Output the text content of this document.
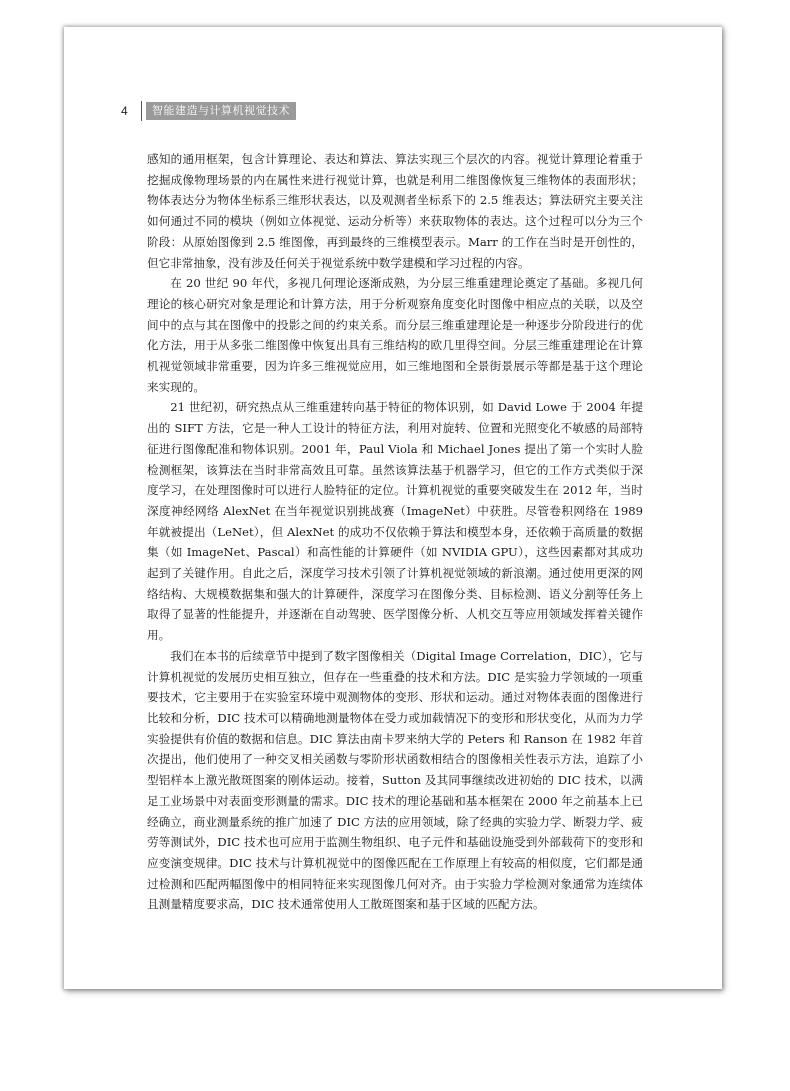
4	智能建造与计算机视觉技术

感知的通用框架，包含计算理论、表达和算法、算法实现三个层次的内容。视觉计算理论着重于挖掘成像物理场景的内在属性来进行视觉计算，也就是利用二维图像恢复三维物体的表面形状；物体表达分为物体坐标系三维形状表达，以及观测者坐标系下的 2.5 维表达；算法研究主要关注如何通过不同的模块（例如立体视觉、运动分析等）来获取物体的表达。这个过程可以分为三个阶段：从原始图像到 2.5 维图像，再到最终的三维模型表示。Marr 的工作在当时是开创性的，但它非常抽象，没有涉及任何关于视觉系统中数学建模和学习过程的内容。

在 20 世纪 90 年代，多视几何理论逐渐成熟，为分层三维重建理论奠定了基础。多视几何理论的核心研究对象是理论和计算方法，用于分析观察角度变化时图像中相应点的关联，以及空间中的点与其在图像中的投影之间的约束关系。而分层三维重建理论是一种逐步分阶段进行的优化方法，用于从多张二维图像中恢复出具有三维结构的欧几里得空间。分层三维重建理论在计算机视觉领域非常重要，因为许多三维视觉应用，如三维地图和全景街景展示等都是基于这个理论来实现的。

21 世纪初，研究热点从三维重建转向基于特征的物体识别，如 David Lowe 于 2004 年提出的 SIFT 方法，它是一种人工设计的特征方法，利用对旋转、位置和光照变化不敏感的局部特征进行图像配准和物体识别。2001 年，Paul Viola 和 Michael Jones 提出了第一个实时人脸检测框架，该算法在当时非常高效且可靠。虽然该算法基于机器学习，但它的工作方式类似于深度学习，在处理图像时可以进行人脸特征的定位。计算机视觉的重要突破发生在 2012 年，当时深度神经网络 AlexNet 在当年视觉识别挑战赛（ImageNet）中获胜。尽管卷积网络在 1989 年就被提出（LeNet），但 AlexNet 的成功不仅依赖于算法和模型本身，还依赖于高质量的数据集（如 ImageNet、Pascal）和高性能的计算硬件（如 NVIDIA GPU），这些因素都对其成功起到了关键作用。自此之后，深度学习技术引领了计算机视觉领域的新浪潮。通过使用更深的网络结构、大规模数据集和强大的计算硬件，深度学习在图像分类、目标检测、语义分割等任务上取得了显著的性能提升，并逐渐在自动驾驶、医学图像分析、人机交互等应用领域发挥着关键作用。

我们在本书的后续章节中提到了数字图像相关（Digital Image Correlation，DIC），它与计算机视觉的发展历史相互独立，但存在一些重叠的技术和方法。DIC 是实验力学领域的一项重要技术，它主要用于在实验室环境中观测物体的变形、形状和运动。通过对物体表面的图像进行比较和分析，DIC 技术可以精确地测量物体在受力或加载情况下的变形和形状变化，从而为力学实验提供有价值的数据和信息。DIC 算法由南卡罗来纳大学的 Peters 和 Ranson 在 1982 年首次提出，他们使用了一种交叉相关函数与零阶形状函数相结合的图像相关性表示方法，追踪了小型铝样本上激光散斑图案的刚体运动。接着，Sutton 及其同事继续改进初始的 DIC 技术，以满足工业场景中对表面变形测量的需求。DIC 技术的理论基础和基本框架在 2000 年之前基本上已经确立，商业测量系统的推广加速了 DIC 方法的应用领域，除了经典的实验力学、断裂力学、疲劳等测试外，DIC 技术也可应用于监测生物组织、电子元件和基础设施受到外部载荷下的变形和应变演变规律。DIC 技术与计算机视觉中的图像匹配在工作原理上有较高的相似度，它们都是通过检测和匹配两幅图像中的相同特征来实现图像几何对齐。由于实验力学检测对象通常为连续体且测量精度要求高，DIC 技术通常使用人工散斑图案和基于区域的匹配方法。
